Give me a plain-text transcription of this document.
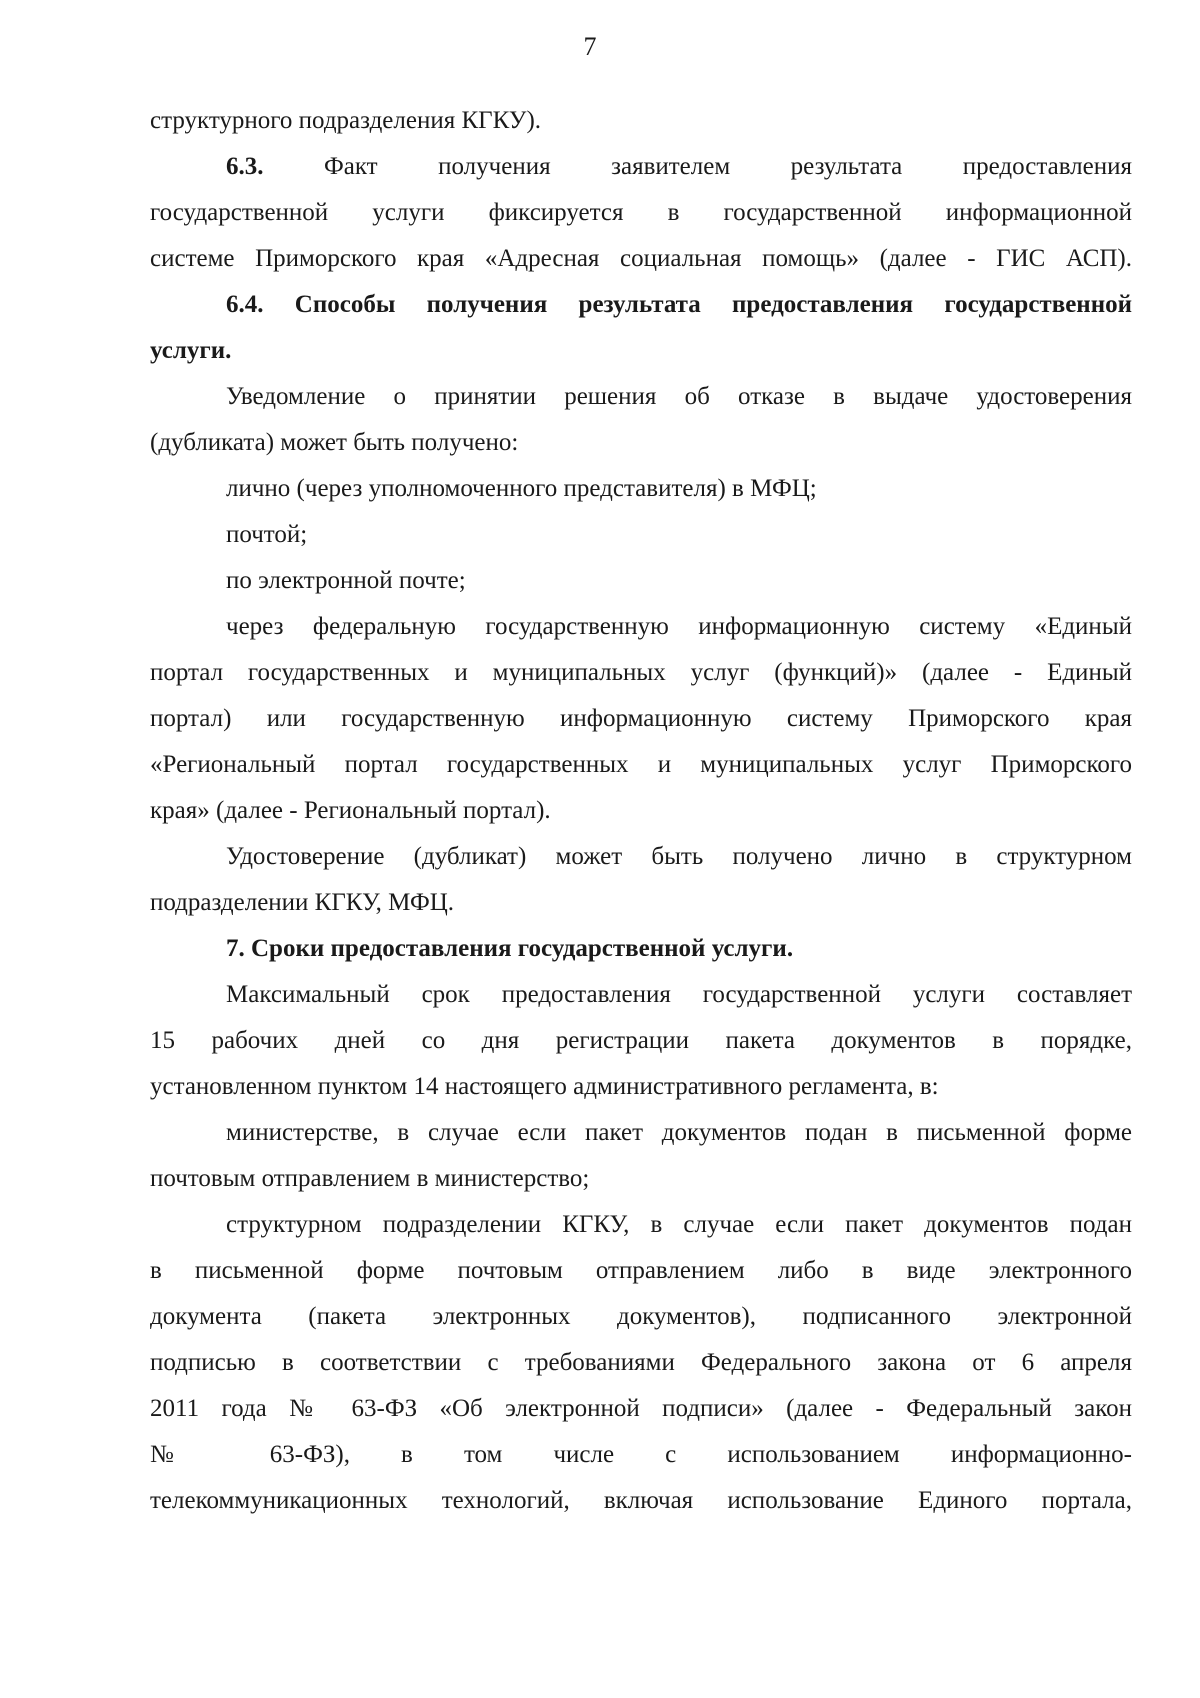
7
структурного подразделения КГКУ).
6.3. Факт получения заявителем результата предоставления
государственной услуги фиксируется в государственной информационной
системе Приморского края «Адресная социальная помощь» (далее - ГИС АСП).
6.4. Способы получения результата предоставления государственной
услуги.
Уведомление о принятии решения об отказе в выдаче удостоверения
(дубликата) может быть получено:
лично (через уполномоченного представителя) в МФЦ;
почтой;
по электронной почте;
через федеральную государственную информационную систему «Единый
портал государственных и муниципальных услуг (функций)» (далее - Единый
портал) или государственную информационную систему Приморского края
«Региональный портал государственных и муниципальных услуг Приморского
края» (далее - Региональный портал).
Удостоверение (дубликат) может быть получено лично в структурном
подразделении КГКУ, МФЦ.
7. Сроки предоставления государственной услуги.
Максимальный срок предоставления государственной услуги составляет
15 рабочих дней со дня регистрации пакета документов в порядке,
установленном пунктом 14 настоящего административного регламента, в:
министерстве, в случае если пакет документов подан в письменной форме
почтовым отправлением в министерство;
структурном подразделении КГКУ, в случае если пакет документов подан
в письменной форме почтовым отправлением либо в виде электронного
документа (пакета электронных документов), подписанного электронной
подписью в соответствии с требованиями Федерального закона от 6 апреля
2011 года № 63-ФЗ «Об электронной подписи» (далее - Федеральный закон
№ 63-ФЗ), в том числе с использованием информационно-
телекоммуникационных технологий, включая использование Единого портала,
